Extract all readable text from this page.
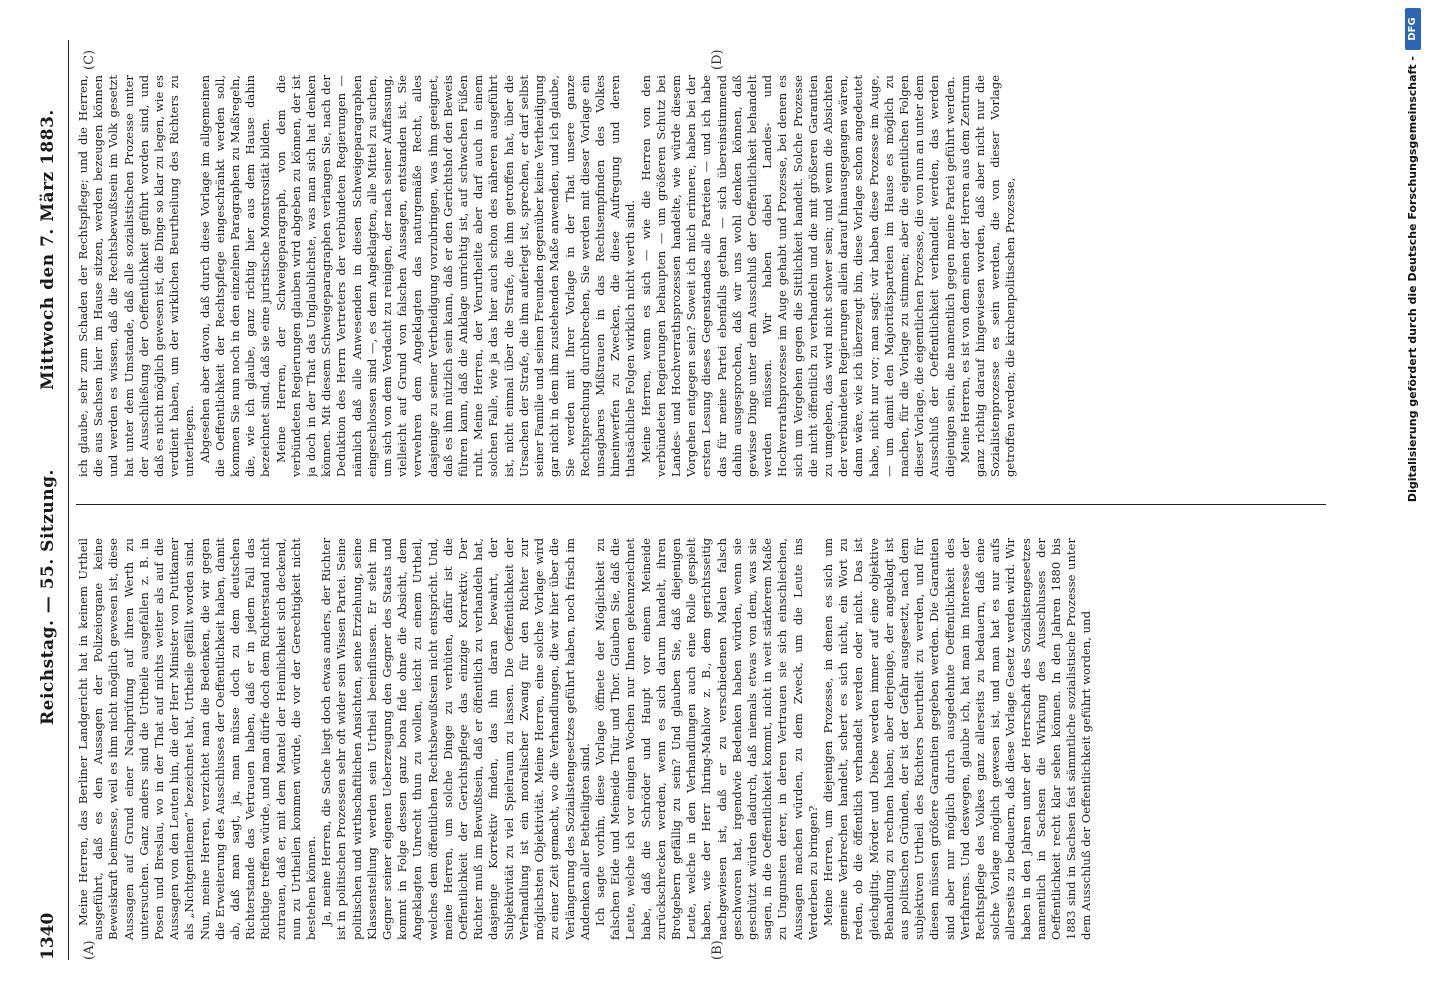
1340
Reichstag. — 55. Sitzung.
Mittwoch den 7. März 1883.
(A)	(B)
(C)	(D)

Meine Herren, das Berliner Landgericht hat in keinem Urtheil ausgeführt, daß es den Aussagen der Polizeiorgane keine Beweiskraft beimesse, weil es ihm nicht möglich gewesen ist, diese Aussagen auf Grund einer Nachprüfung auf ihren Werth zu untersuchen. Ganz anders sind die Urtheile ausgefallen z. B. in Posen und Breslau, wo in der That auf nichts weiter als auf die Aussagen von den Leuten hin, die der Herr Minister von Puttkamer als „Nichtgentlemen“ bezeichnet hat, Urtheile gefällt worden sind. Nun, meine Herren, verzichtet man die Bedenken, die wir gegen die Erweiterung des Ausschlusses der Oeffentlichkeit haben, damit ab, daß man sagt, ja, man müsse doch zu dem deutschen Richterstande das Vertrauen haben, daß er in jedem Fall das Richtige treffen würde, und man dürfe doch dem Richterstand nicht zutrauen, daß er, mit dem Mantel der Heimlichkeit sich deckend, nun zu Urtheilen kommen würde, die vor der Gerechtigkeit nicht bestehen können. Ja, meine Herren, die Sache liegt doch etwas anders, der Richter ist in politischen Prozessen sehr oft wider sein Wissen Partei. Seine politischen und wirthschaftlichen Ansichten, seine Erziehung, seine Klassenstellung werden sein Urtheil beeinflussen. Er steht im Gegner seiner eigenen Ueberzeugung den Gegner des Staats und kommt in Folge dessen ganz bona fide ohne die Absicht, dem Angeklagten Unrecht thun zu wollen, leicht zu einem Urtheil, welches dem öffentlichen Rechtsbewußtsein nicht entspricht. Und, meine Herren, um solche Dinge zu verhüten, dafür ist die Oeffentlichkeit der Gerichtspflege das einzige Korrektiv. Der Richter muß im Bewußtsein, daß er öffentlich zu verhandeln hat, dasjenige Korrektiv finden, das ihn daran bewahrt, der Subjektivität zu viel Spielraum zu lassen. Die Oeffentlichkeit der Verhandlung ist ein moralischer Zwang für den Richter zur möglichsten Objektivität. Meine Herren, eine solche Vorlage wird zu einer Zeit gemacht, wo die Verhandlungen, die wir hier über die Verlängerung des Sozialistengesetzes geführt haben, noch frisch im Andenken aller Betheiligten sind. Ich sagte vorhin, diese Vorlage öffnete der Möglichkeit zu falschen Eide und Meineide Thür und Thor. Glauben Sie, daß die Leute, welche ich vor einigen Wochen nur Ihnen gekennzeichnet habe, daß die Schröder und Haupt vor einem Meineide zurückschrecken werden, wenn es sich darum handelt, ihren Brotgebern gefällig zu sein? Und glauben Sie, daß diejenigen Leute, welche in den Verhandlungen auch eine Rolle gespielt haben, wie der Herr Ihring-Mahlow z. B., dem gerichtsseitig nachgewiesen ist, daß er zu verschiedenen Malen falsch geschworen hat, irgendwie Bedenken haben würden, wenn sie geschützt würden dadurch, daß niemals etwas von dem, was sie sagen, in die Oeffentlichkeit kommt, nicht in weit stärkerem Maße zu Ungunsten derer, in deren Vertrauen sie sich einschleichen, Aussagen machen würden, zu dem Zweck, um die Leute ins Verderben zu bringen? Meine Herren, um diejenigen Prozesse, in denen es sich um gemeine Verbrechen handelt, schert es sich nicht, ein Wort zu reden, ob die öffentlich verhandelt werden oder nicht. Das ist gleichgiltig. Mörder und Diebe werden immer auf eine objektive Behandlung zu rechnen haben; aber derjenige, der angeklagt ist aus politischen Gründen, der ist der Gefahr ausgesetzt, nach dem subjektiven Urtheil des Richters beurtheilt zu werden, und für diesen müssen größere Garantien gegeben werden. Die Garantien sind aber nur möglich durch ausgedehnte Oeffentlichkeit des Verfahrens. Und deswegen, glaube ich, hat man im Interesse der Rechtspflege des Volkes ganz allerseits zu bedauern, daß eine solche Vorlage möglich gewesen ist, und man hat es nur aufs allerseits zu bedauern, daß diese Vorlage Gesetz werden wird. Wir haben in den Jahren unter der Herrschaft des Sozialistengesetzes namentlich in Sachsen die Wirkung des Ausschlusses der Oeffentlichkeit recht klar sehen können. In den Jahren 1880 bis 1883 sind in Sachsen fast sämmtliche sozialistische Prozesse unter dem Ausschluß der Oeffentlichkeit geführt worden, und

ich glaube, sehr zum Schaden der Rechtspflege; und die Herren, die aus Sachsen hier im Hause sitzen, werden bezeugen können und werden es wissen, daß die Rechtsbewußtsein im Volk gesetzt hat unter dem Umstande, daß alle sozialistischen Prozesse unter der Ausschließung der Oeffentlichkeit geführt worden sind, und daß es nicht möglich gewesen ist, die Dinge so klar zu legen, wie es verdient haben, um der wirklichen Beurtheilung des Richters zu unterliegen. Abgesehen aber davon, daß durch diese Vorlage im allgemeinen die Oeffentlichkeit der Rechtspflege eingeschränkt werden soll, kommen Sie nun noch in den einzelnen Paragraphen zu Maßregeln, die, wie ich glaube, ganz richtig hier aus dem Hause dahin bezeichnet sind, daß sie eine juristische Monstrosität bilden. Meine Herren, der Schweigeparagraph, von dem die verbündeten Regierungen glauben wird abgeben zu können, der ist ja doch in der That das Unglaublichste, was man sich hat denken können. Mit diesem Schweigeparagraphen verlangen Sie, nach der Deduktion des Herrn Vertreters der verbündeten Regierungen — nämlich daß alle Anwesenden in diesen Schweigeparagraphen eingeschlossen sind —, es dem Angeklagten, alle Mittel zu suchen, um sich von dem Verdacht zu reinigen, der nach seiner Auffassung, vielleicht auf Grund von falschen Aussagen, entstanden ist. Sie verwehren dem Angeklagten das naturgemäße Recht, alles dasjenige zu seiner Vertheidigung vorzubringen, was ihm geeignet, daß es ihm nützlich sein kann, daß er den Gerichtshof den Beweis führen kann, daß die Anklage unrichtig ist, auf schwachen Füßen ruht. Meine Herren, der Verurtheilte aber darf auch in einem solchen Falle, wie ja das hier auch schon des näheren ausgeführt ist, nicht einmal über die Strafe, die ihm getroffen hat, über die Ursachen der Strafe, die ihm auferlegt ist, sprechen, er darf selbst seiner Familie und seinen Freunden gegenüber keine Vertheidigung gar nicht in dem ihm zustehenden Maße anwenden, und ich glaube, Sie werden mit Ihrer Vorlage in der That unsere ganze Rechtsprechung durchbrechen, Sie werden mit dieser Vorlage ein unsagbares Mißtrauen in das Rechtsempfinden des Volkes hineinwerfen zu Zwecken, die diese Aufregung und deren thatsächliche Folgen wirklich nicht werth sind. Meine Herren, wenn es sich — wie die Herren von den verbündeten Regierungen behaupten — um größeren Schutz bei Landes- und Hochverrathsprozessen handelte, wie würde diesem Vorgehen entgegen sein? Soweit ich mich erinnere, haben bei der ersten Lesung dieses Gegenstandes alle Parteien — und ich habe das für meine Partei ebenfalls gethan — sich übereinstimmend dahin ausgesprochen, daß wir uns wohl denken können, daß gewisse Dinge unter dem Ausschluß der Oeffentlichkeit behandelt werden müssen. Wir haben dabei Landes- und Hochverrathsprozesse im Auge gehabt und Prozesse, bei denen es sich um Vergehen gegen die Sittlichkeit handelt. Solche Prozesse die nicht öffentlich zu verhandeln und die mit größeren Garantien zu umgeben, das wird nicht schwer sein; und wenn die Absichten der verbündeten Regierungen allein darauf hinausgegangen wären, dann wäre, wie ich überzeugt bin, diese Vorlage schon angedeutet habe, nicht nur vor; man sagt: wir haben diese Prozesse im Auge, — um damit den Majoritätsparteien im Hause es möglich zu machen, für die Vorlage zu stimmen; aber die eigentlichen Folgen dieser Vorlage, die eigentlichen Prozesse, die von nun an unter dem Ausschluß der Oeffentlichkeit verhandelt werden, das werden diejenigen sein, die namentlich gegen meine Partei geführt werden. Meine Herren, es ist von dem einen der Herren aus dem Zentrum ganz richtig darauf hingewiesen worden, daß aber nicht nur die Sozialistenprozesse es sein werden, die von dieser Vorlage getroffen werden; die kirchenpolitischen Prozesse,	Digitalisierung gefördert durch die Deutsche Forschungsgemeinschaft -
DFG
